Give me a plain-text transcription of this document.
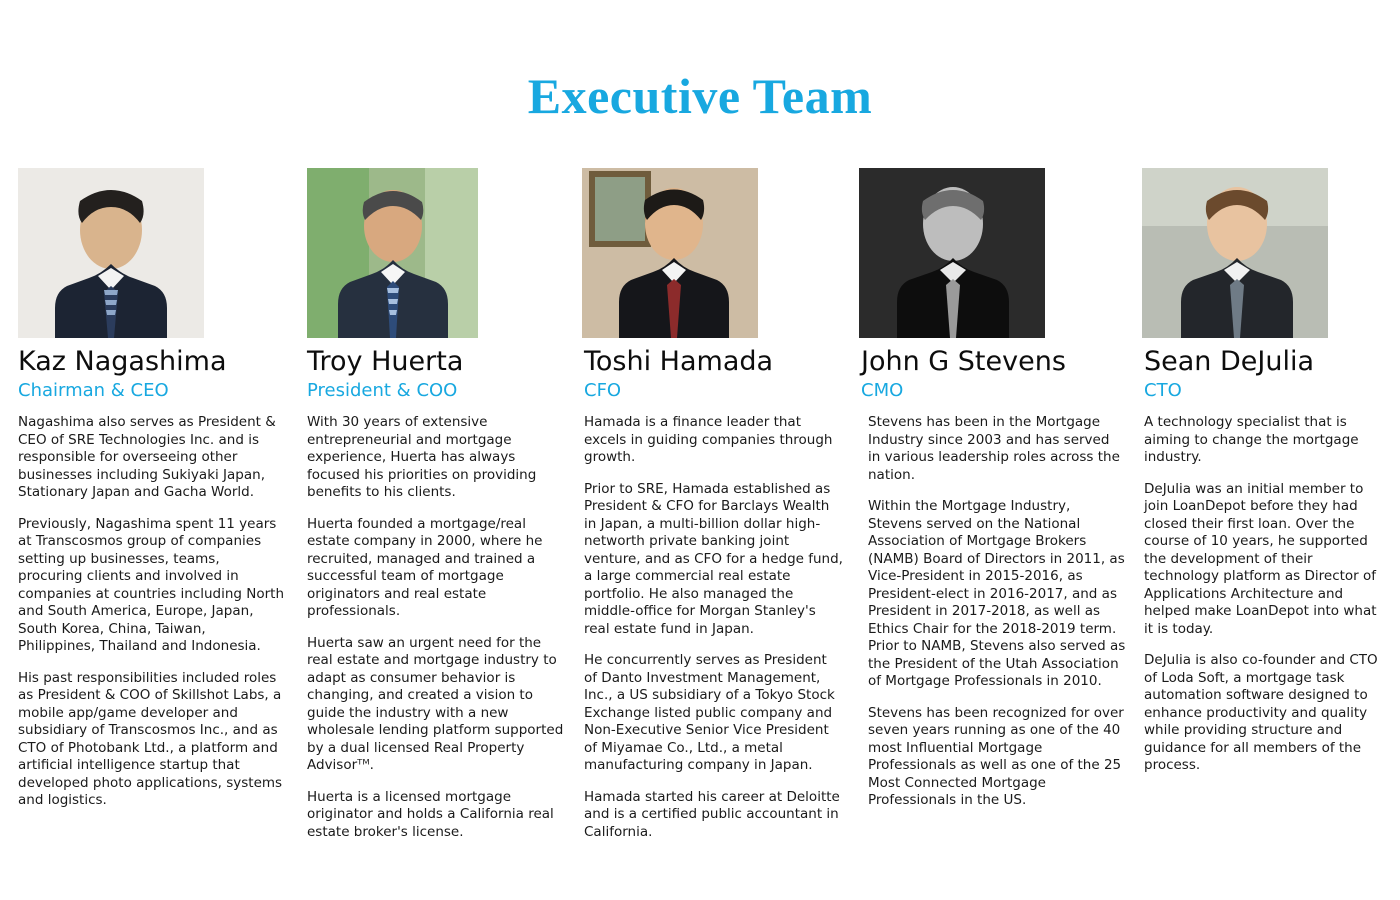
Executive Team
Kaz Nagashima
Chairman & CEO

Nagashima also serves as President & CEO of SRE Technologies Inc. and is responsible for overseeing other businesses including Sukiyaki Japan, Stationary Japan and Gacha World.

Previously, Nagashima spent 11 years at Transcosmos group of companies setting up businesses, teams, procuring clients and involved in companies at countries including North and South America, Europe, Japan, South Korea, China, Taiwan, Philippines, Thailand and Indonesia.

His past responsibilities included roles as President & COO of Skillshot Labs, a mobile app/game developer and subsidiary of Transcosmos Inc., and as CTO of Photobank Ltd., a platform and artificial intelligence startup that developed photo applications, systems and logistics.

Troy Huerta
President & COO

With 30 years of extensive entrepreneurial and mortgage experience, Huerta has always focused his priorities on providing benefits to his clients.

Huerta founded a mortgage/real estate company in 2000, where he recruited, managed and trained a successful team of mortgage originators and real estate professionals.

Huerta saw an urgent need for the real estate and mortgage industry to adapt as consumer behavior is changing, and created a vision to guide the industry with a new wholesale lending platform supported by a dual licensed Real Property Advisorᵀᴹ.

Huerta is a licensed mortgage originator and holds a California real estate broker's license.

Toshi Hamada
CFO

Hamada is a finance leader that excels in guiding companies through growth.

Prior to SRE, Hamada established as President & CFO for Barclays Wealth in Japan, a multi-billion dollar high-networth private banking joint venture, and as CFO for a hedge fund, a large commercial real estate portfolio. He also managed the middle-office for Morgan Stanley's real estate fund in Japan.

He concurrently serves as President of Danto Investment Management, Inc., a US subsidiary of a Tokyo Stock Exchange listed public company and Non-Executive Senior Vice President of Miyamae Co., Ltd., a metal manufacturing company in Japan.

Hamada started his career at Deloitte and is a certified public accountant in California.

John G Stevens
CMO

Stevens has been in the Mortgage Industry since 2003 and has served in various leadership roles across the nation.

Within the Mortgage Industry, Stevens served on the National Association of Mortgage Brokers (NAMB) Board of Directors in 2011, as Vice-President in 2015-2016, as President-elect in 2016-2017, and as President in 2017-2018, as well as Ethics Chair for the 2018-2019 term. Prior to NAMB, Stevens also served as the President of the Utah Association of Mortgage Professionals in 2010.

Stevens has been recognized for over seven years running as one of the 40 most Influential Mortgage Professionals as well as one of the 25 Most Connected Mortgage Professionals in the US.

Sean DeJulia
CTO

A technology specialist that is aiming to change the mortgage industry.

DeJulia was an initial member to join LoanDepot before they had closed their first loan. Over the course of 10 years, he supported the development of their technology platform as Director of Applications Architecture and helped make LoanDepot into what it is today.

DeJulia is also co-founder and CTO of Loda Soft, a mortgage task automation software designed to enhance productivity and quality while providing structure and guidance for all members of the process.
